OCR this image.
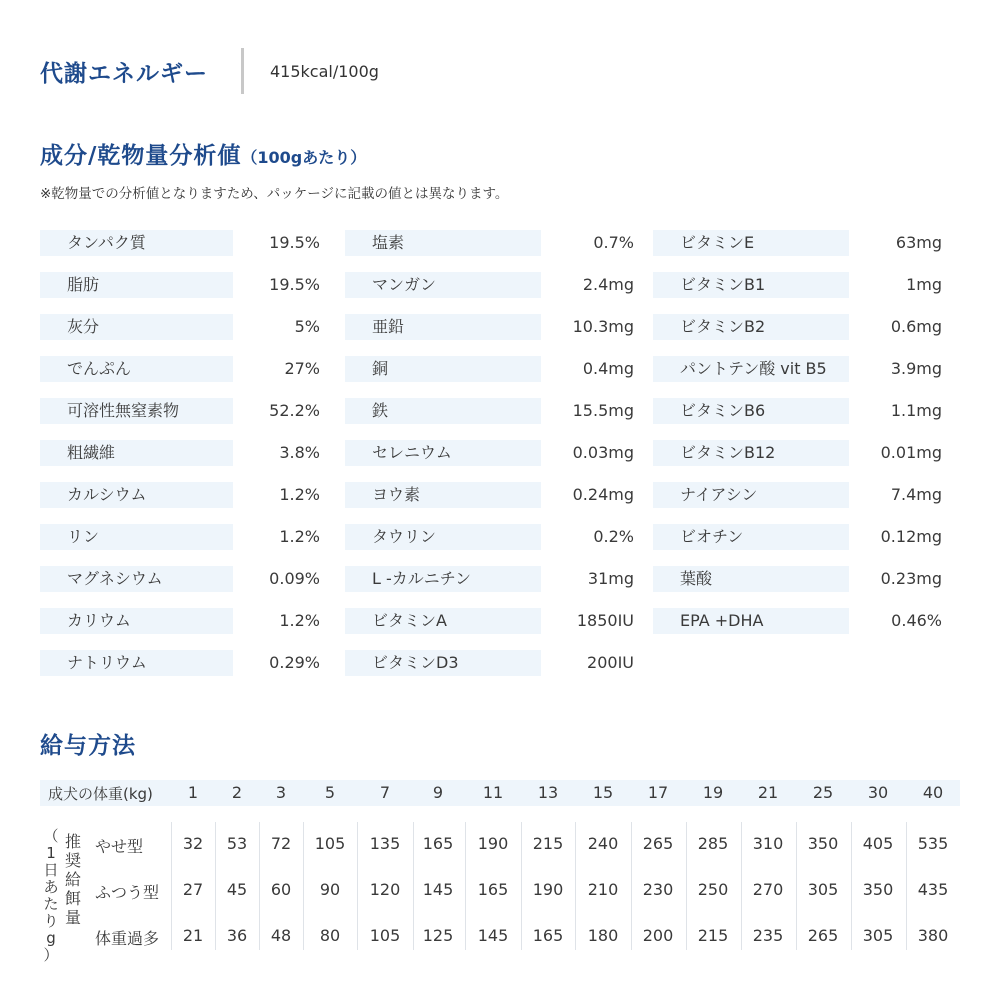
代謝エネルギー	415kcal/100g
成分/乾物量分析値（100gあたり）
※乾物量での分析値となりますため、パッケージに記載の値とは異なります。
タンパク質	19.5%
脂肪	19.5%
灰分	5%
でんぷん	27%
可溶性無窒素物	52.2%
粗繊維	3.8%
カルシウム	1.2%
リン	1.2%
マグネシウム	0.09%
カリウム	1.2%
ナトリウム	0.29%
塩素	0.7%
マンガン	2.4mg
亜鉛	10.3mg
銅	0.4mg
鉄	15.5mg
セレニウム	0.03mg
ヨウ素	0.24mg
タウリン	0.2%
L -カルニチン	31mg
ビタミンA	1850IU
ビタミンD3	200IU
ビタミンE	63mg
ビタミンB1	1mg
ビタミンB2	0.6mg
パントテン酸 vit B5	3.9mg
ビタミンB6	1.1mg
ビタミンB12	0.01mg
ナイアシン	7.4mg
ビオチン	0.12mg
葉酸	0.23mg
EPA +DHA	0.46%
給与方法
成犬の体重(kg)	1	2	3	5	7	9	11	13	15	17	19	21	25	30	40
（
1
日
あ
た
り
g
）
推
奨
給
餌
量
やせ型	32	53	72	105	135	165	190	215	240	265	285	310	350	405	535
ふつう型	27	45	60	90	120	145	165	190	210	230	250	270	305	350	435
体重過多	21	36	48	80	105	125	145	165	180	200	215	235	265	305	380
